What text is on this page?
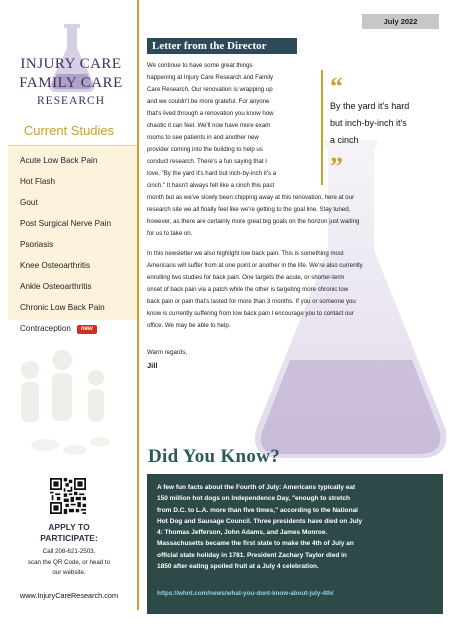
INJURY CARE
FAMILY CARE
RESEARCH
Current Studies
Acute Low Back Pain
Hot Flash
Gout
Post Surgical Nerve Pain
Psoriasis
Knee Osteoarthritis
Ankle Osteoarthritis
Chronic Low Back Pain
Contraception new
APPLY TO
PARTICIPATE:
Call 208-621-2503,
scan the QR Code, or head to
our website.
www.InjuryCareResearch.com
July 2022
Letter from the Director
We continue to have some great things
happening at Injury Care Research and Family
Care Research. Our renovation is wrapping up
and we couldn't be more grateful. For anyone
that's lived through a renovation you know how
chaotic it can feel. We'll now have more exam
rooms to see patients in and another new
provider coming into the building to help us
conduct research. There's a fun saying that I
love, "By the yard it's hard but inch-by-inch it's a
cinch." It hasn't always felt like a cinch this past
month but as we've slowly been chipping away at this renovation, here at our
research site we all finally feel like we're getting to the goal line. Stay tuned,
however, as there are certainly more great big goals on the horizon just waiting
for us to take on.
In this newsletter we also highlight low back pain. This is something most
Americans will suffer from at one point or another in the life. We're also currently
enrolling two studies for back pain. One targets the acute, or shorter-term
onset of back pain via a patch while the other is targeting more chronic low
back pain or pain that's lasted for more than 3 months. If you or someone you
know is currently suffering from low back pain I encourage you to contact our
office. We may be able to help.
Warm regards,
Jill
“
By the yard it's hard
but inch-by-inch it's
a cinch
”
Did You Know?
A few fun facts about the Fourth of July: Americans typically eat
150 million hot dogs on Independence Day, "enough to stretch
from D.C. to L.A. more than five times," according to the National
Hot Dog and Sausage Council. Three presidents have died on July
4: Thomas Jefferson, John Adams, and James Monroe.
Massachusetts became the first state to make the 4th of July an
official state holiday in 1781. President Zachary Taylor died in
1850 after eating spoiled fruit at a July 4 celebration.
https://whnt.com/news/what-you-dont-know-about-july-4th/
